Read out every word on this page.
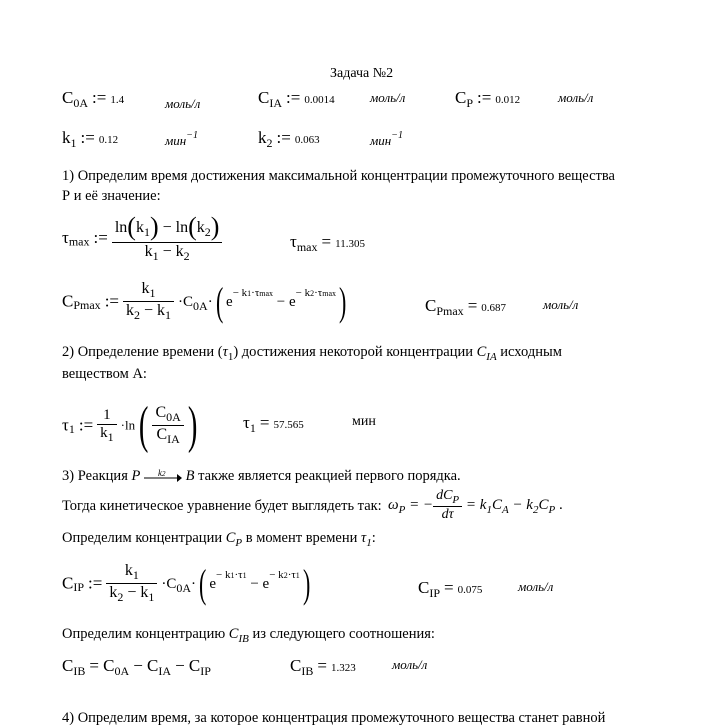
Задача №2
$C_{0A}$ := 1.4	моль/л	$C_{IA}$ := 0.0014	моль/л	$C_P$ := 0.012	моль/л
$k_1$ := 0.12	мин$^{-1}$	$k_2$ := 0.063	мин$^{-1}$
1) Определим время достижения максимальной концентрации промежуточного вещества
Р и её значение:
$\tau_{max}$ := $\frac{\ln(k_1) - \ln(k_2)}{k_1 - k_2}$	$\tau_{max} = 11.305$
$C_{Pmax}$ := $\frac{k_1}{k_2 - k_1} \cdot C_{0A}\cdot$( $e^{- k1\cdot\tau max} - e^{- k2\cdot\tau max}$)	$C_{Pmax} = 0.687$	моль/л
2) Определение времени $(\tau_1)$ достижения некоторой концентрации $C_{IA}$ исходным
веществом А:
$\tau_1$ := $\frac{1}{k_1} \cdot\ln( \frac{C_{0A}}{C_{IA}}$ )	$\tau_1 = 57.565$	мин
3) Реакция P k2 B также является реакцией первого порядка.
Тогда кинетическое уравнение будет выглядеть так: $\omega_P$ = − $\frac{dC_P}{d\tau} = k_1C_A - k_2C_P$ .
Определим концентрации $C_P$ в момент времени $\tau_1$:
$C_{IP}$ := $\frac{k_1}{k_2 - k_1} \cdot C_{0A}\cdot$( $e^{- k1\cdot\tau 1} - e^{- k2\cdot\tau 1}$)	$C_{IP} = 0.075$	моль/л
Определим концентрацию $C_{IB}$ из следующего соотношения:
$C_{IB} = C_{0A} - C_{IA} - C_{IP}$	$C_{IB} = 1.323$	моль/л
4) Определим время, за которое концентрация промежуточного вещества станет равной
